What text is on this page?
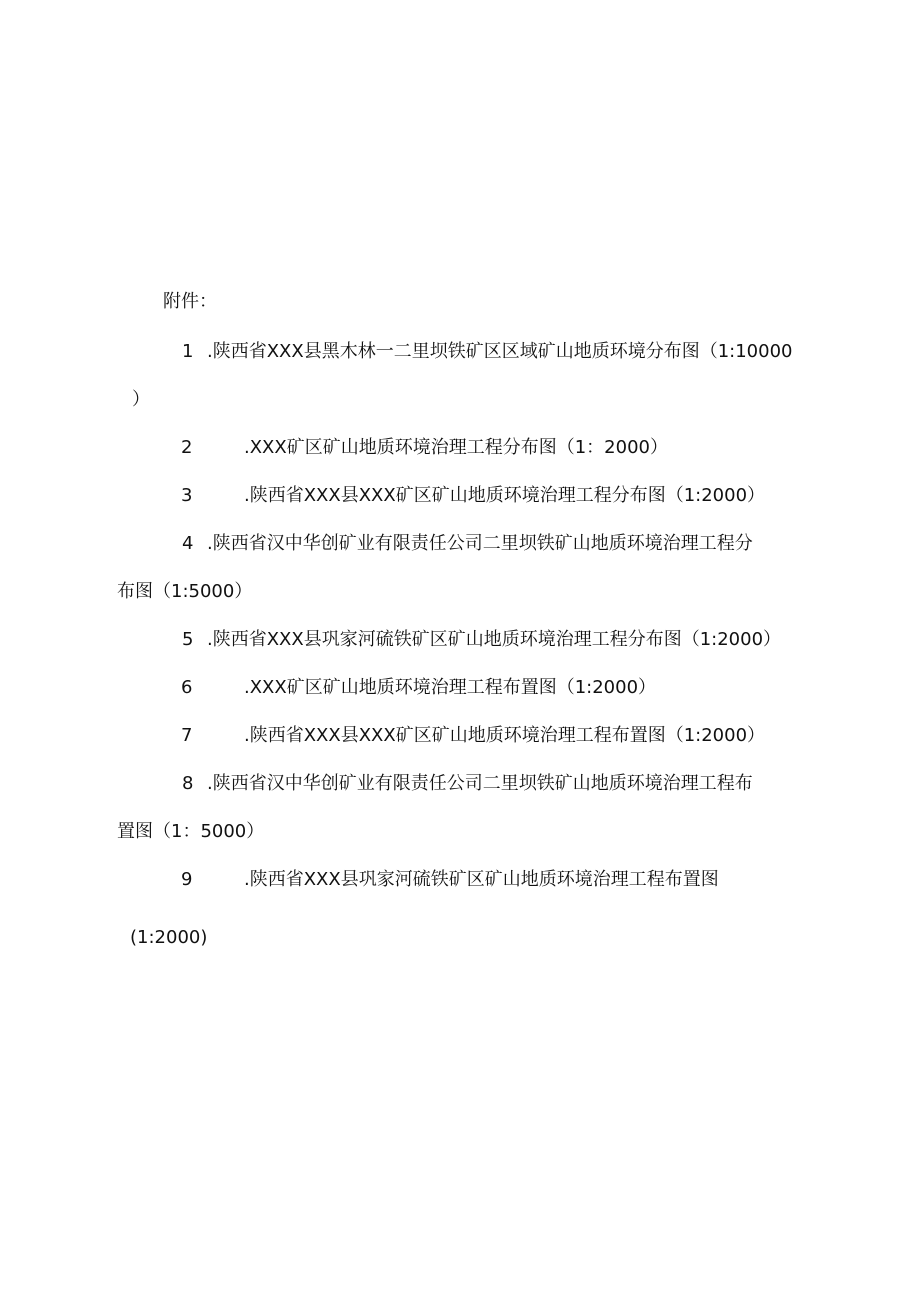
附件：
1 .陕西省XXX县黑木林一二里坝铁矿区区域矿山地质环境分布图（1:10000
）
2	.XXX矿区矿山地质环境治理工程分布图（1：2000）
3	.陕西省XXX县XXX矿区矿山地质环境治理工程分布图（1:2000）
4 .陕西省汉中华创矿业有限责任公司二里坝铁矿山地质环境治理工程分
布图（1:5000）
5 .陕西省XXX县巩家河硫铁矿区矿山地质环境治理工程分布图（1:2000）
6	.XXX矿区矿山地质环境治理工程布置图（1:2000）
7	.陕西省XXX县XXX矿区矿山地质环境治理工程布置图（1:2000）
8 .陕西省汉中华创矿业有限责任公司二里坝铁矿山地质环境治理工程布
置图（1：5000）
9	.陕西省XXX县巩家河硫铁矿区矿山地质环境治理工程布置图
(1:2000)
